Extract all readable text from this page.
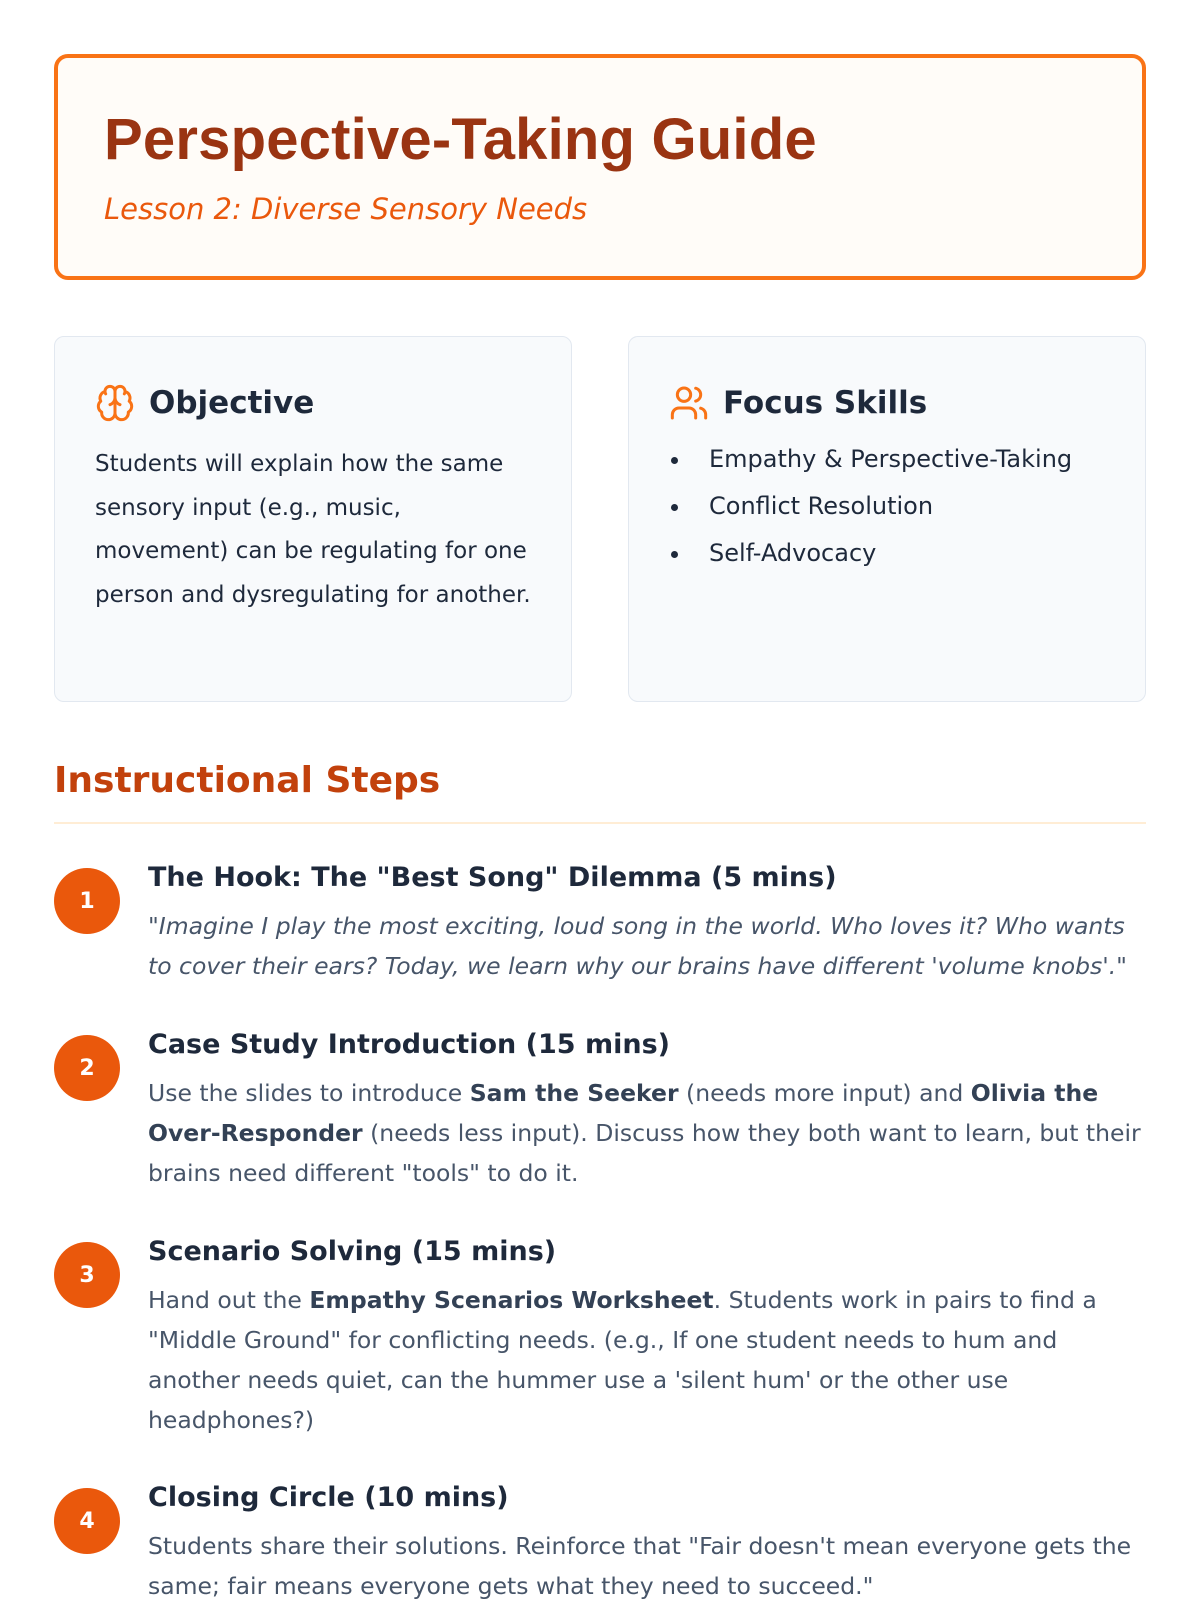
Perspective-Taking Guide
Lesson 2: Diverse Sensory Needs
Objective

Students will explain how the same sensory input (e.g., music, movement) can be regulating for one person and dysregulating for another.

Focus Skills
Empathy & Perspective-Taking
Conflict Resolution
Self-Advocacy
Instructional Steps
1
The Hook: The "Best Song" Dilemma (5 mins)
"Imagine I play the most exciting, loud song in the world. Who loves it? Who wants to cover their ears? Today, we learn why our brains have different 'volume knobs'."
2
Case Study Introduction (15 mins)
Use the slides to introduce Sam the Seeker (needs more input) and Olivia the Over-Responder (needs less input). Discuss how they both want to learn, but their brains need different "tools" to do it.
3
Scenario Solving (15 mins)
Hand out the Empathy Scenarios Worksheet. Students work in pairs to find a "Middle Ground" for conflicting needs. (e.g., If one student needs to hum and another needs quiet, can the hummer use a 'silent hum' or the other use headphones?)
4
Closing Circle (10 mins)
Students share their solutions. Reinforce that "Fair doesn't mean everyone gets the same; fair means everyone gets what they need to succeed."
